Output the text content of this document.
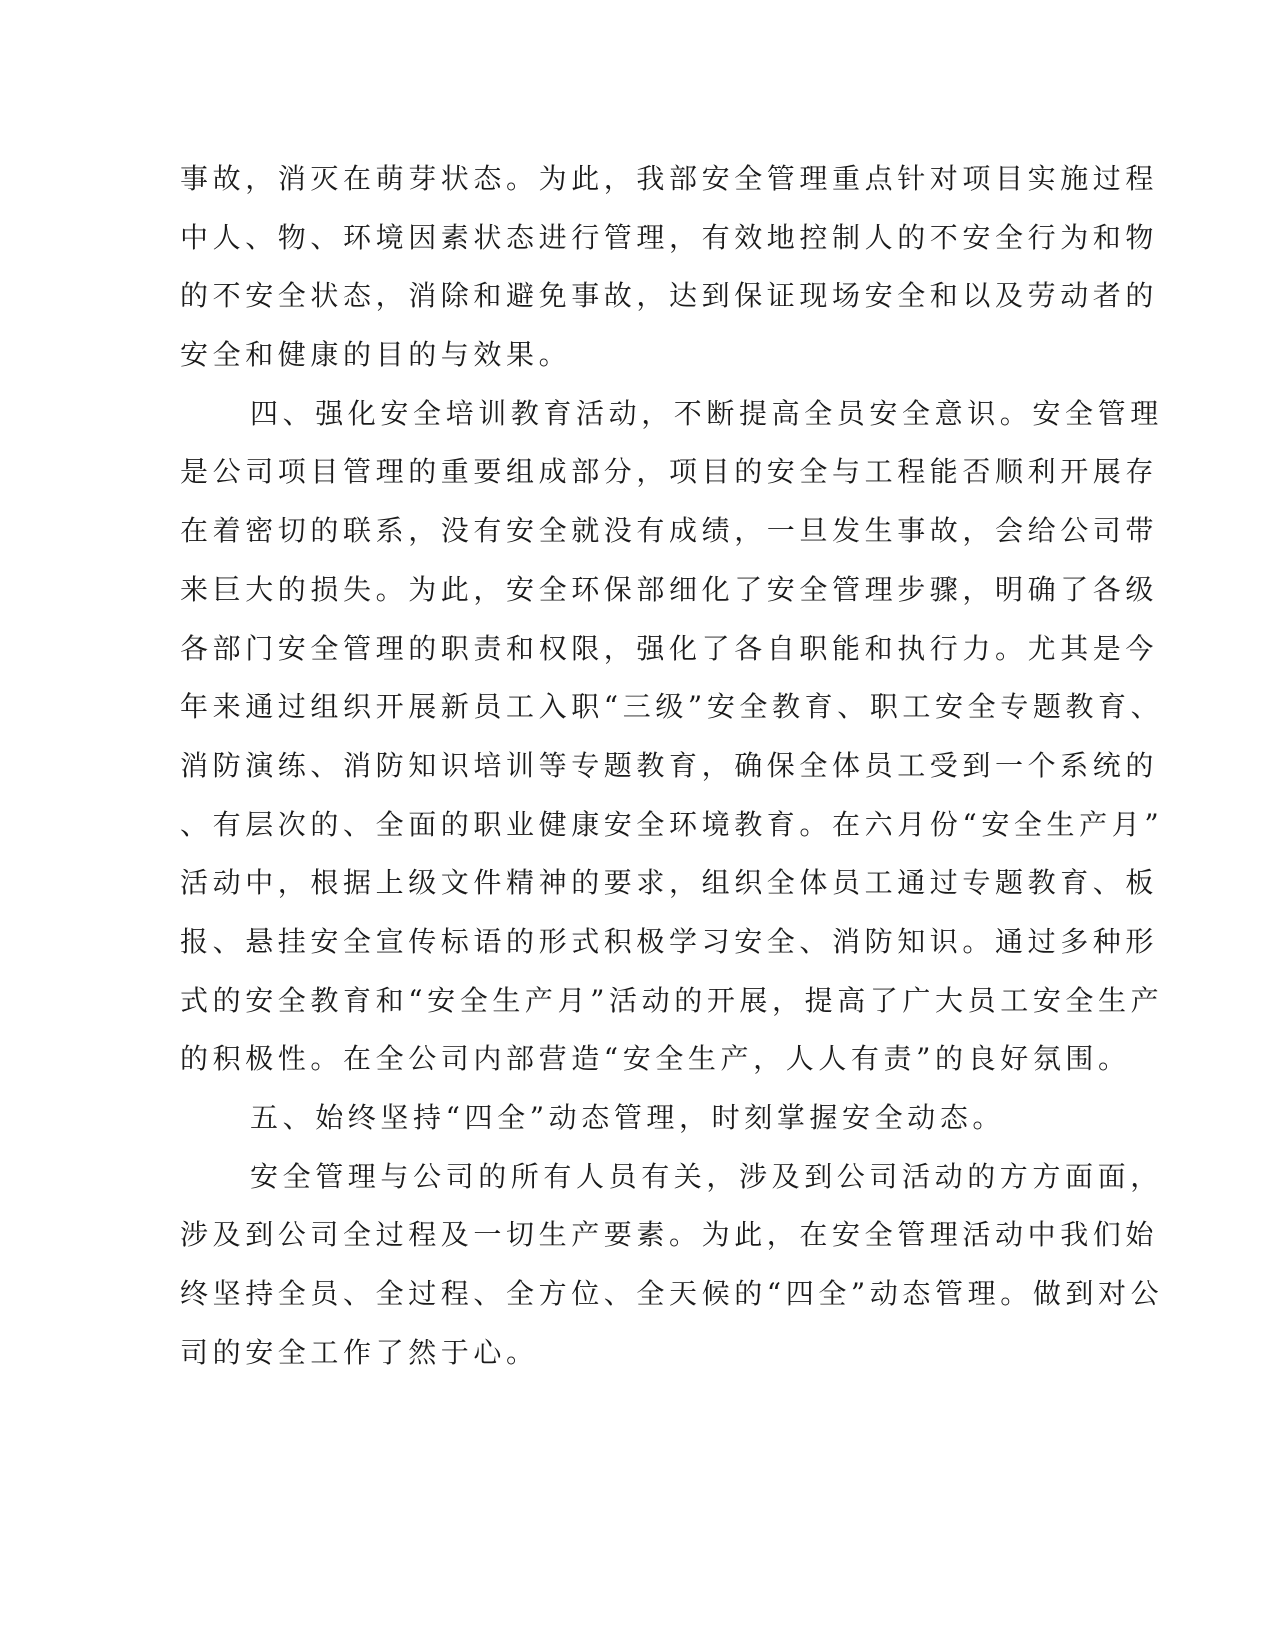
事故，消灭在萌芽状态。为此，我部安全管理重点针对项目实施过程
中人、物、环境因素状态进行管理，有效地控制人的不安全行为和物
的不安全状态，消除和避免事故，达到保证现场安全和以及劳动者的
安全和健康的目的与效果。
四、强化安全培训教育活动，不断提高全员安全意识。安全管理
是公司项目管理的重要组成部分，项目的安全与工程能否顺利开展存
在着密切的联系，没有安全就没有成绩，一旦发生事故，会给公司带
来巨大的损失。为此，安全环保部细化了安全管理步骤，明确了各级
各部门安全管理的职责和权限，强化了各自职能和执行力。尤其是今
年来通过组织开展新员工入职“三级”安全教育、职工安全专题教育、
消防演练、消防知识培训等专题教育，确保全体员工受到一个系统的
、有层次的、全面的职业健康安全环境教育。在六月份“安全生产月”
活动中，根据上级文件精神的要求，组织全体员工通过专题教育、板
报、悬挂安全宣传标语的形式积极学习安全、消防知识。通过多种形
式的安全教育和“安全生产月”活动的开展，提高了广大员工安全生产
的积极性。在全公司内部营造“安全生产，人人有责”的良好氛围。
五、始终坚持“四全”动态管理，时刻掌握安全动态。
安全管理与公司的所有人员有关，涉及到公司活动的方方面面，
涉及到公司全过程及一切生产要素。为此，在安全管理活动中我们始
终坚持全员、全过程、全方位、全天候的“四全”动态管理。做到对公
司的安全工作了然于心。
